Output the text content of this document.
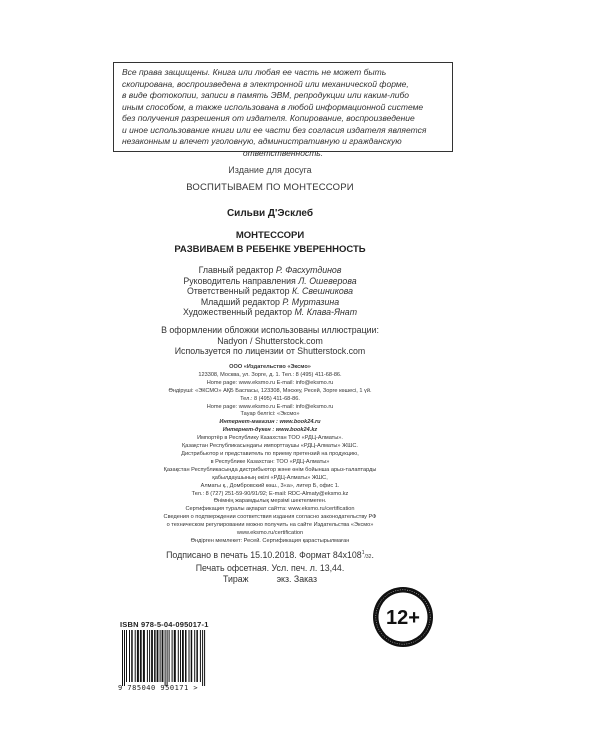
Все права защищены. Книга или любая ее часть не может быть
скопирована, воспроизведена в электронной или механической форме,
в виде фотокопии, записи в память ЭВМ, репродукции или каким-либо
иным способом, а также использована в любой информационной системе
без получения разрешения от издателя. Копирование, воспроизведение
и иное использование книги или ее части без согласия издателя является
незаконным и влечет уголовную, административную и гражданскую
ответственность.
Издание для досуга
ВОСПИТЫВАЕМ ПО МОНТЕССОРИ
Сильви Д'Эсклеб
МОНТЕССОРИ
РАЗВИВАЕМ В РЕБЕНКЕ УВЕРЕННОСТЬ
Главный редактор Р. Фасхутдинов
Руководитель направления Л. Ошеверова
Ответственный редактор К. Свешникова
Младший редактор Р. Муртазина
Художественный редактор М. Клава-Янат
В оформлении обложки использованы иллюстрации:
Nadyon / Shutterstock.com
Используется по лицензии от Shutterstock.com
ООО «Издательство «Эксмо»
123308, Москва, ул. Зорге, д. 1. Тел.: 8 (495) 411-68-86.
Home page: www.eksmo.ru E-mail: info@eksmo.ru
Өндіруші: «ЭКСМО» АҚБ Баспасы, 123308, Мәскеу, Ресей, Зорге көшесі, 1 үй.
Тел.: 8 (495) 411-68-86.
Home page: www.eksmo.ru E-mail: info@eksmo.ru
Тауар белгісі: «Эксмо»
Интернет-магазин : www.book24.ru
Интернет-дүкен : www.book24.kz
Импортёр в Республику Казахстан ТОО «РДЦ-Алматы».
Қазақстан Республикасындағы импорттаушы «РДЦ-Алматы» ЖШС.
Дистрибьютор и представитель по приему претензий на продукцию,
в Республике Казахстан: ТОО «РДЦ-Алматы»
Қазақстан Республикасында дистрибьютор және өнім бойынша арыз-талаптарды
қабылдаушының өкілі «РДЦ-Алматы» ЖШС,
Алматы қ., Домбровский көш., 3«а», литер Б, офис 1.
Тел.: 8 (727) 251-59-90/91/92; E-mail: RDC-Almaty@eksmo.kz
Өнімнің жарамдылық мерзімі шектелмеген.
Сертификация туралы ақпарат сайтта: www.eksmo.ru/certification
Сведения о подтверждении соответствия издания согласно законодательству РФ
о техническом регулировании можно получить на сайте Издательства «Эксмо»
www.eksmo.ru/certification
Өндірген мемлекет: Ресей. Сертификация қарастырылмаған
Подписано в печать 15.10.2018. Формат $84x108^1/32$.
Печать офсетная. Усл. печ. л. 13,44.
Тираж	экз. Заказ
ISBN 978-5-04-095017-1
9 785040 950171 >
12+
